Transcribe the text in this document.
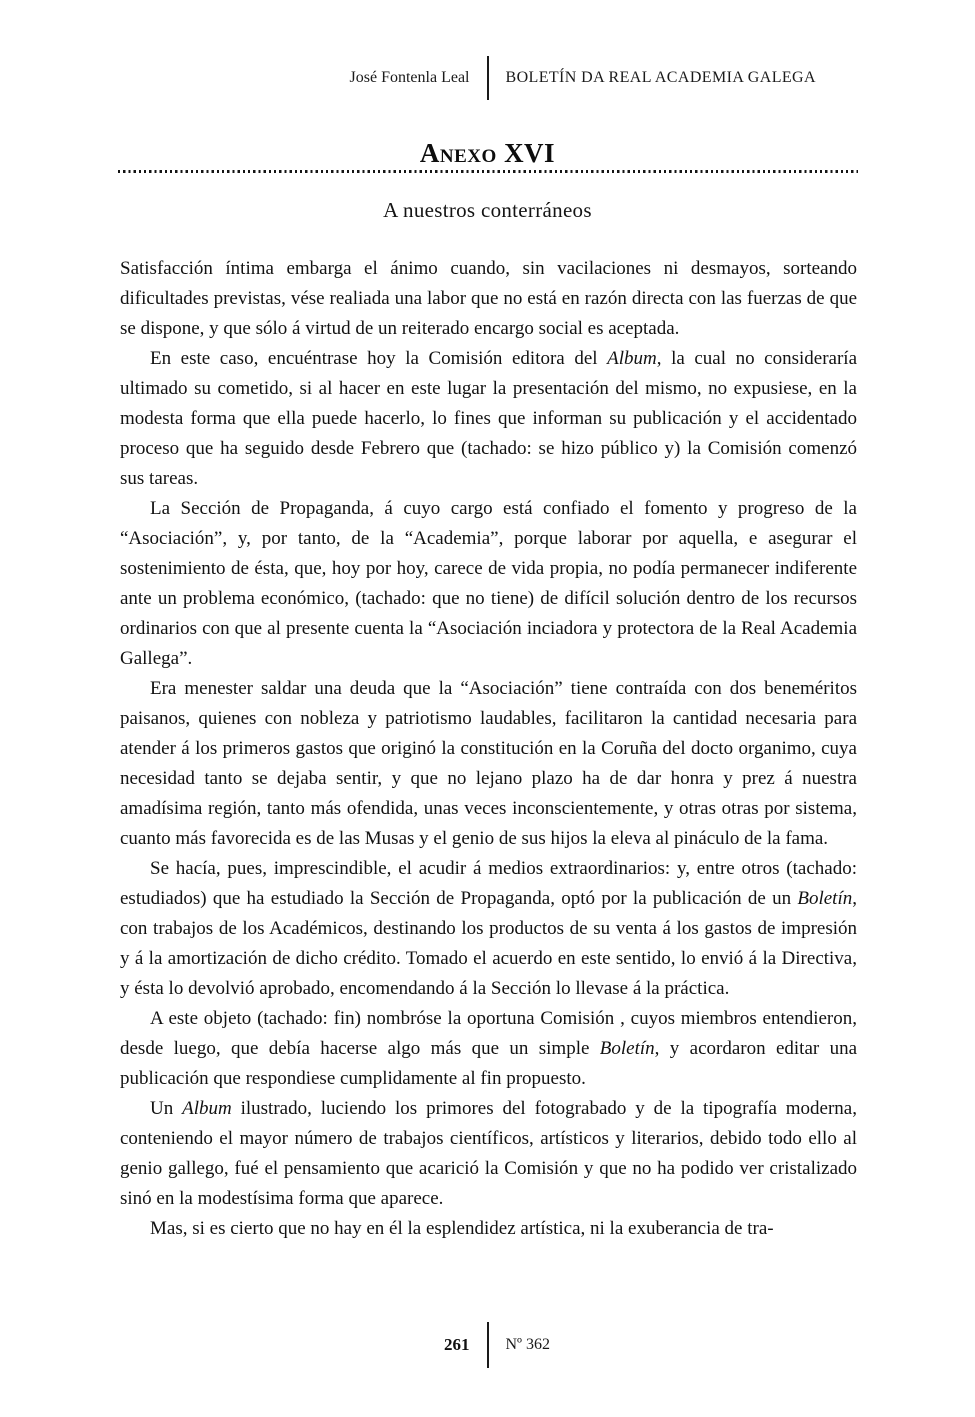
José Fontenla Leal	BOLETÍN DA REAL ACADEMIA GALEGA
Anexo XVI
A nuestros conterráneos

Satisfacción íntima embarga el ánimo cuando, sin vacilaciones ni desmayos, sorteando dificultades previstas, vése realiada una labor que no está en razón directa con las fuerzas de que se dispone, y que sólo á virtud de un reiterado encargo social es aceptada.

En este caso, encuéntrase hoy la Comisión editora del Album, la cual no consideraría ultimado su cometido, si al hacer en este lugar la presentación del mismo, no expusiese, en la modesta forma que ella puede hacerlo, lo fines que informan su publicación y el accidentado proceso que ha seguido desde Febrero que (tachado: se hizo público y) la Comisión comenzó sus tareas.

La Sección de Propaganda, á cuyo cargo está confiado el fomento y progreso de la “Asociación”, y, por tanto, de la “Academia”, porque laborar por aquella, e asegurar el sostenimiento de ésta, que, hoy por hoy, carece de vida propia, no podía permanecer indiferente ante un problema económico, (tachado: que no tiene) de difícil solución dentro de los recursos ordinarios con que al presente cuenta la “Asociación inciadora y protectora de la Real Academia Gallega”.

Era menester saldar una deuda que la “Asociación” tiene contraída con dos beneméritos paisanos, quienes con nobleza y patriotismo laudables, facilitaron la cantidad necesaria para atender á los primeros gastos que originó la constitución en la Coruña del docto organimo, cuya necesidad tanto se dejaba sentir, y que no lejano plazo ha de dar honra y prez á nuestra amadísima región, tanto más ofendida, unas veces inconscientemente, y otras otras por sistema, cuanto más favorecida es de las Musas y el genio de sus hijos la eleva al pináculo de la fama.

Se hacía, pues, imprescindible, el acudir á medios extraordinarios: y, entre otros (tachado: estudiados) que ha estudiado la Sección de Propaganda, optó por la publicación de un Boletín, con trabajos de los Académicos, destinando los productos de su venta á los gastos de impresión y á la amortización de dicho crédito. Tomado el acuerdo en este sentido, lo envió á la Directiva, y ésta lo devolvió aprobado, encomendando á la Sección lo llevase á la práctica.

A este objeto (tachado: fin) nombróse la oportuna Comisión , cuyos miembros entendieron, desde luego, que debía hacerse algo más que un simple Boletín, y acordaron editar una publicación que respondiese cumplidamente al fin propuesto.

Un Album ilustrado, luciendo los primores del fotograbado y de la tipografía moderna, conteniendo el mayor número de trabajos científicos, artísticos y literarios, debido todo ello al genio gallego, fué el pensamiento que acarició la Comisión y que no ha podido ver cristalizado sinó en la modestísima forma que aparece.

Mas, si es cierto que no hay en él la esplendidez artística, ni la exuberancia de tra-

261	Nº 362
